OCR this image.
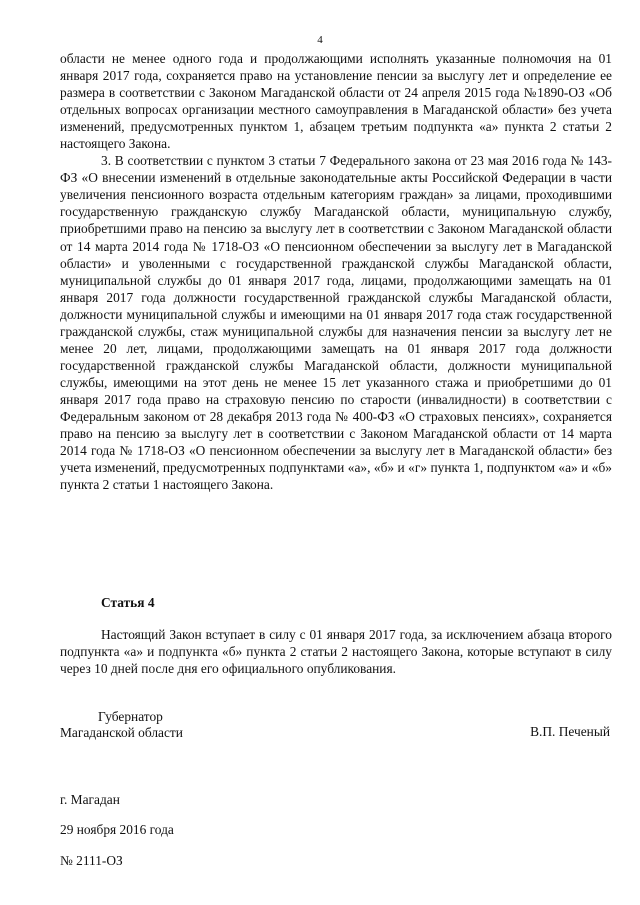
4

области не менее одного года и продолжающими исполнять указанные полномочия на 01 января 2017 года, сохраняется право на установление пенсии за выслугу лет и определение ее размера в соответствии с Законом Магаданской области от 24 апреля 2015 года №1890-ОЗ «Об отдельных вопросах организации местного самоуправления в Магаданской области» без учета изменений, предусмотренных пунктом 1, абзацем третьим подпункта «а» пункта 2 статьи 2 настоящего Закона.

3. В соответствии с пунктом 3 статьи 7 Федерального закона от 23 мая 2016 года № 143-ФЗ «О внесении изменений в отдельные законодательные акты Российской Федерации в части увеличения пенсионного возраста отдельным категориям граждан» за лицами, проходившими государственную гражданскую службу Магаданской области, муниципальную службу, приобретшими право на пенсию за выслугу лет в соответствии с Законом Магаданской области от 14 марта 2014 года № 1718-ОЗ «О пенсионном обеспечении за выслугу лет в Магаданской области» и уволенными с государственной гражданской службы Магаданской области, муниципальной службы до 01 января 2017 года, лицами, продолжающими замещать на 01 января 2017 года должности государственной гражданской службы Магаданской области, должности муниципальной службы и имеющими на 01 января 2017 года стаж государственной гражданской службы, стаж муниципальной службы для назначения пенсии за выслугу лет не менее 20 лет, лицами, продолжающими замещать на 01 января 2017 года должности государственной гражданской службы Магаданской области, должности муниципальной службы, имеющими на этот день не менее 15 лет указанного стажа и приобретшими до 01 января 2017 года право на страховую пенсию по старости (инвалидности) в соответствии с Федеральным законом от 28 декабря 2013 года № 400-ФЗ «О страховых пенсиях», сохраняется право на пенсию за выслугу лет в соответствии с Законом Магаданской области от 14 марта 2014 года № 1718-ОЗ «О пенсионном обеспечении за выслугу лет в Магаданской области» без учета изменений, предусмотренных подпунктами «а», «б» и «г» пункта 1, подпунктом «а» и «б» пункта 2 статьи 1 настоящего Закона.

Статья 4

Настоящий Закон вступает в силу с 01 января 2017 года, за исключением абзаца второго подпункта «а» и подпункта «б» пункта 2 статьи 2 настоящего Закона, которые вступают в силу через 10 дней после дня его официального опубликования.

Губернатор

Магаданской области	В.П. Печеный
г. Магадан
29 ноября 2016 года
№ 2111-ОЗ
